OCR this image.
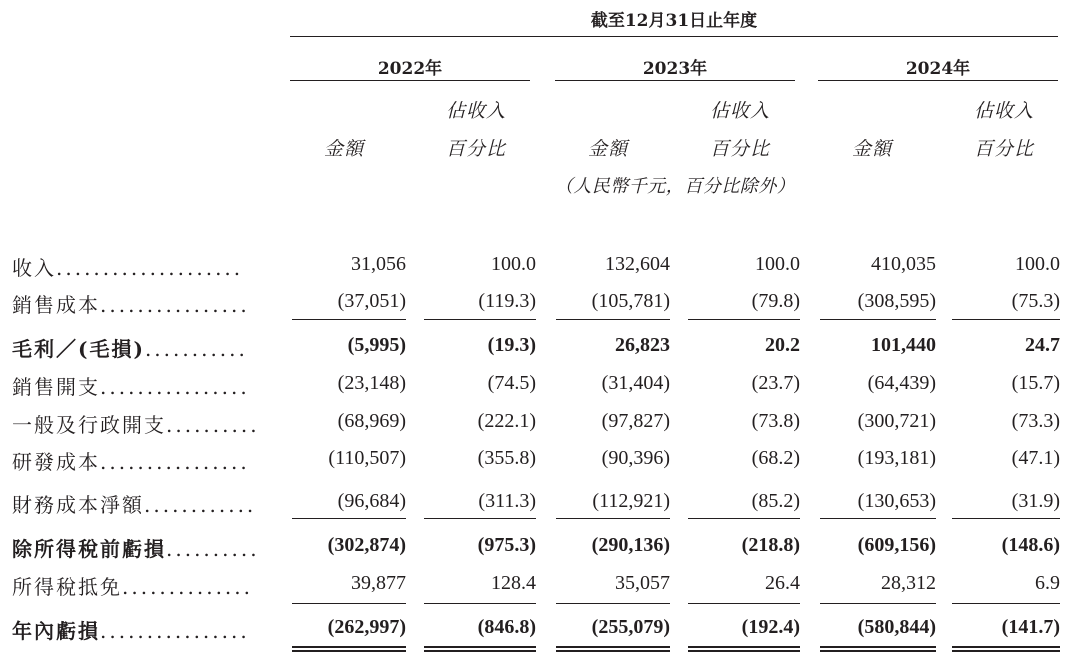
截至12月31日止年度
2022年	2023年	2024年
佔收入
金額	百分比
佔收入
金額	百分比
佔收入
金額	百分比
（人民幣千元，百分比除外）
收入....................	31,056	100.0	132,604	100.0	410,035	100.0
銷售成本................	(37,051)	(119.3)	(105,781)	(79.8)	(308,595)	(75.3)
毛利／(毛損)...........	(5,995)	(19.3)	26,823	20.2	101,440	24.7
銷售開支................	(23,148)	(74.5)	(31,404)	(23.7)	(64,439)	(15.7)
一般及行政開支..........	(68,969)	(222.1)	(97,827)	(73.8)	(300,721)	(73.3)
研發成本................	(110,507)	(355.8)	(90,396)	(68.2)	(193,181)	(47.1)
財務成本淨額............	(96,684)	(311.3)	(112,921)	(85.2)	(130,653)	(31.9)
除所得稅前虧損..........	(302,874)	(975.3)	(290,136)	(218.8)	(609,156)	(148.6)
所得稅抵免..............	39,877	128.4	35,057	26.4	28,312	6.9
年內虧損................	(262,997)	(846.8)	(255,079)	(192.4)	(580,844)	(141.7)
